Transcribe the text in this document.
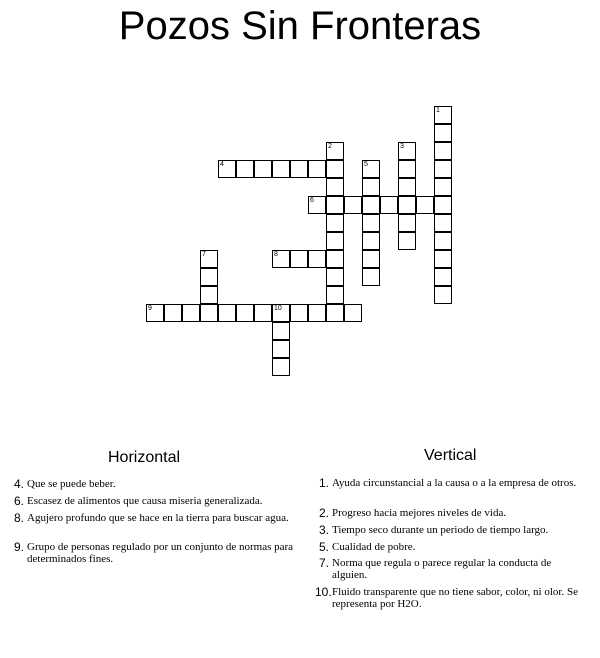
Pozos Sin Fronteras
1
2	3
4	5
6
7	8
9	10
Horizontal	Vertical
4. Que se puede beber.
6. Escasez de alimentos que causa miseria generalizada.
8. Agujero profundo que se hace en la tierra para buscar agua.
9. Grupo de personas regulado por un conjunto de normas para determinados fines.
1. Ayuda circunstancial a la causa o a la empresa de otros.
2. Progreso hacia mejores niveles de vida.
3. Tiempo seco durante un periodo de tiempo largo.
5. Cualidad de pobre.
7. Norma que regula o parece regular la conducta de alguien.
10. Fluido transparente que no tiene sabor, color, ni olor. Se representa por H2O.
